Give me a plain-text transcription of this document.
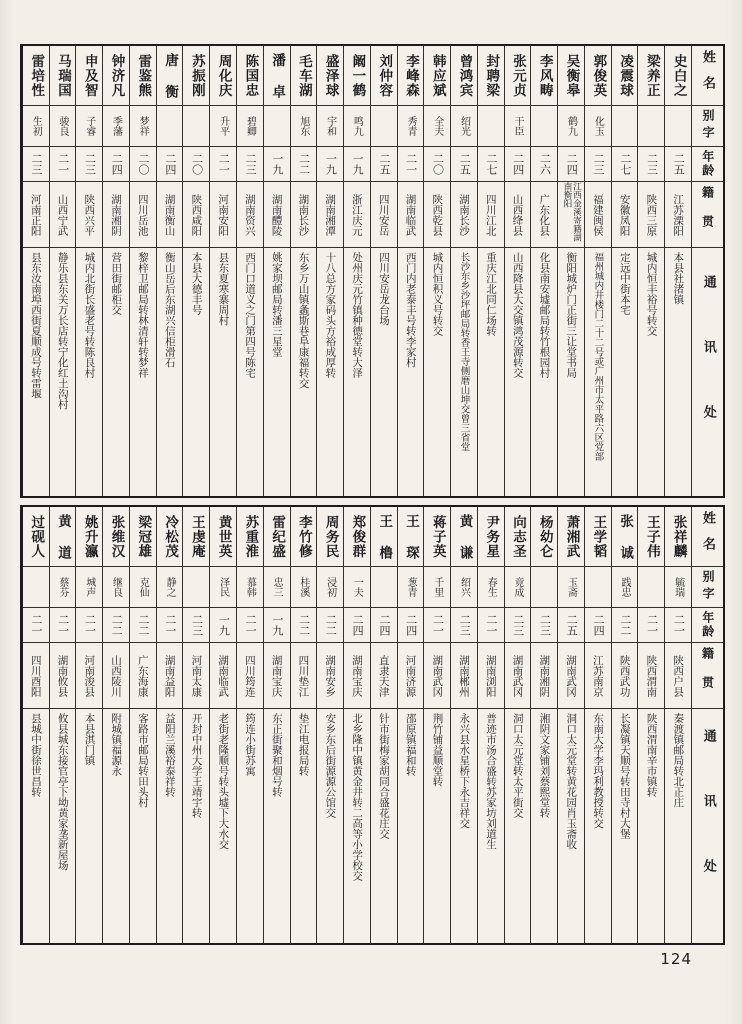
姓名
别字
年龄
籍贯
通讯处
史白之
二五
江苏溧阳
本县社渚镇
梁养正
二三
陕西三原
城内恒丰裕号转交
凌震球
二七
安徽凤阳
定远中街本宅
郭俊英
化玉
二三
福建闽侯
福州城内井楼门二十二号或广州市太平路六区党部
吴衡皋
鹤九
二四
江西金溪寄籍湖南衡阳
衡阳城炉门正街三让堂书局
李风畴
二六
广东化县
化县南安墟邮局转竹根园村
张元贞
干臣
二四
山西绛县
山西降县大交镇鸿茂源转交
封聘梁
二七
四川江北
重庆江北同仁场转
曾鸿宾
绍光
二五
湖南长沙
长沙东乡沙坪邮局转香王寺侧磨山坤交曾三省堂
韩应斌
全夫
二〇
陕西乾县
城内恒积义号转交
李峰森
秀青
二一
湖南临武
西门内老泰丰号转李家村
刘仲容
二五
四川安岳
四川安岳龙台场
阚一鹤
鸣九
一九
浙江庆元
处州庆元竹镇种德堂转大泽
盛泽球
宇和
一九
湖南湘潭
十八总方家码头方裕成厚转
毛车湖
旭东
二二
湖南长沙
东乡万山镇螽斯巷阜康福转交
潘 卓
一九
湖南醴陵
姚家坝邮局转潘三星堂
陈国忠
碧卿
二三
湖南资兴
西门口道义之门第四号陈宅
周化庆
升平
二一
河南安阳
县东夏寒寨周村
苏振刚
二〇
陕西咸阳
本县大德丰号
唐 衡
二四
湖南衡山
衡山岳后东湖兴信柜滑石
雷鉴熊
梦祥
二〇
四川岳池
黎梓卫邮局转林清轩转梦祥
钟济凡
季藩
二四
湖南湘阴
营田街邮柜交
申及智
子睿
二三
陕西兴平
城内北街长盛老号转陈良村
马瑞国
骏良
二一
山西宁武
静乐县东关万长店转宁化红土沟村
雷培性
生初
二三
河南正阳
县东汝南埠西街夏顺成号转雷堰
姓名
别字
年龄
籍贯
通讯处
张祥麟
毓瑞
二一
陕西户县
秦渡镇邮局转北正庄
王子伟
二一
陕西渭南
陕西渭南辛市镇转
张 诚
践忠
二二
陕西武功
长凝镇天顺号转田寺村大堡
王学韬
二四
江苏南京
东南大学李玛利教授转交
萧湘武
玉斋
二五
湖南武冈
洞口太元堂转黄花园肖玉斋收
杨幼仑
二三
湖南湘阴
湘阴文家铺刘蔡熙堂转
向志圣
竟成
二三
湖南武冈
洞口太元堂转太平街交
尹务星
春生
二一
湖南浏阳
普迹市汤合盛转苏家坊刘道生
黄 谦
绍兴
二三
湖南郴州
永兴县水星桥下永吉祥交
蒋子英
千里
二一
湖南武冈
荆竹铺益顺堂转
王 琛
葱青
二四
河南济源
邵原镇福和转
王 橹
二四
直隶天津
针市街梅家胡同合盛花庄交
郑俊群
一夫
二四
湖南宝庆
北乡隆中镇黄金井转二高等小学校交
周务民
浸初
二二
湖南安乡
安乡东后街源源公馆交
李竹修
桂溪
二二
四川垫江
垫江电报局转
雷纪盛
忠三
一九
湖南宝庆
东正街聚和烟号转
苏重淮
慕韩
二一
四川筠连
筠连小街苏寓
黄世英
泽民
一九
湖南临武
老街老隆顺号转头墟下大水交
王虔庵
二三
河南太康
开封中州大学王靖宇转
冷松茂
静之
二一
湖南益阳
益阳兰溪裕泰祥转
梁冠雄
克仙
二二
广东海康
客路市邮局转田头村
张维汉
继良
二二
山西陵川
附城镇福源永
姚升瀛
城声
二一
河南浚县
本县淇门镇
黄 道
蔡芬
二一
湖南攸县
攸县城东接官亭下坳黄家垄新屋场
过砚人
二一
四川酉阳
县城中街徐世昌转
124
